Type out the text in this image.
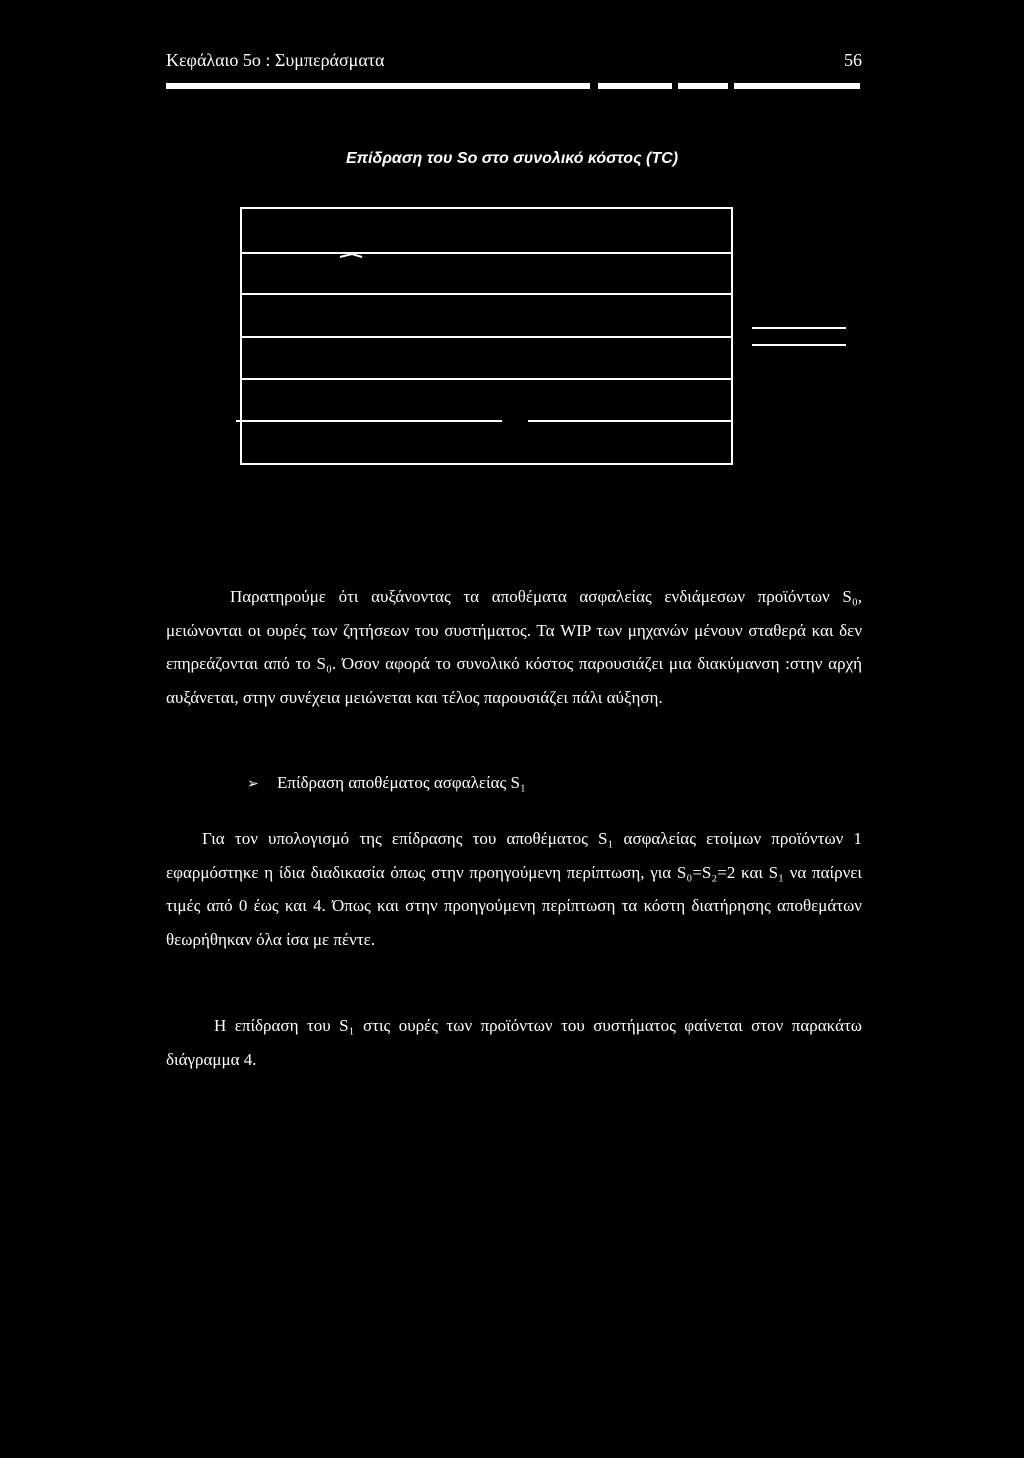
Κεφάλαιο 5ο : Συμπεράσματα	56
Επίδραση του So στο συνολικό κόστος (TC)
Παρατηρούμε ότι αυξάνοντας τα αποθέματα ασφαλείας ενδιάμεσων προϊόντων S₀, μειώνονται οι ουρές των ζητήσεων του συστήματος. Τα WIP των μηχανών μένουν σταθερά και δεν επηρεάζονται από το S₀. Όσον αφορά το συνολικό κόστος παρουσιάζει μια διακύμανση :στην αρχή αυξάνεται, στην συνέχεια μειώνεται και τέλος παρουσιάζει πάλι αύξηση.
➢ Επίδραση αποθέματος ασφαλείας S₁
Για τον υπολογισμό της επίδρασης του αποθέματος S₁ ασφαλείας ετοίμων προϊόντων 1 εφαρμόστηκε η ίδια διαδικασία όπως στην προηγούμενη περίπτωση, για S₀=S₂=2 και S₁ να παίρνει τιμές από 0 έως και 4. Όπως και στην προηγούμενη περίπτωση τα κόστη διατήρησης αποθεμάτων θεωρήθηκαν όλα ίσα με πέντε.
Η επίδραση του S₁ στις ουρές των προϊόντων του συστήματος φαίνεται στον παρακάτω διάγραμμα 4.
